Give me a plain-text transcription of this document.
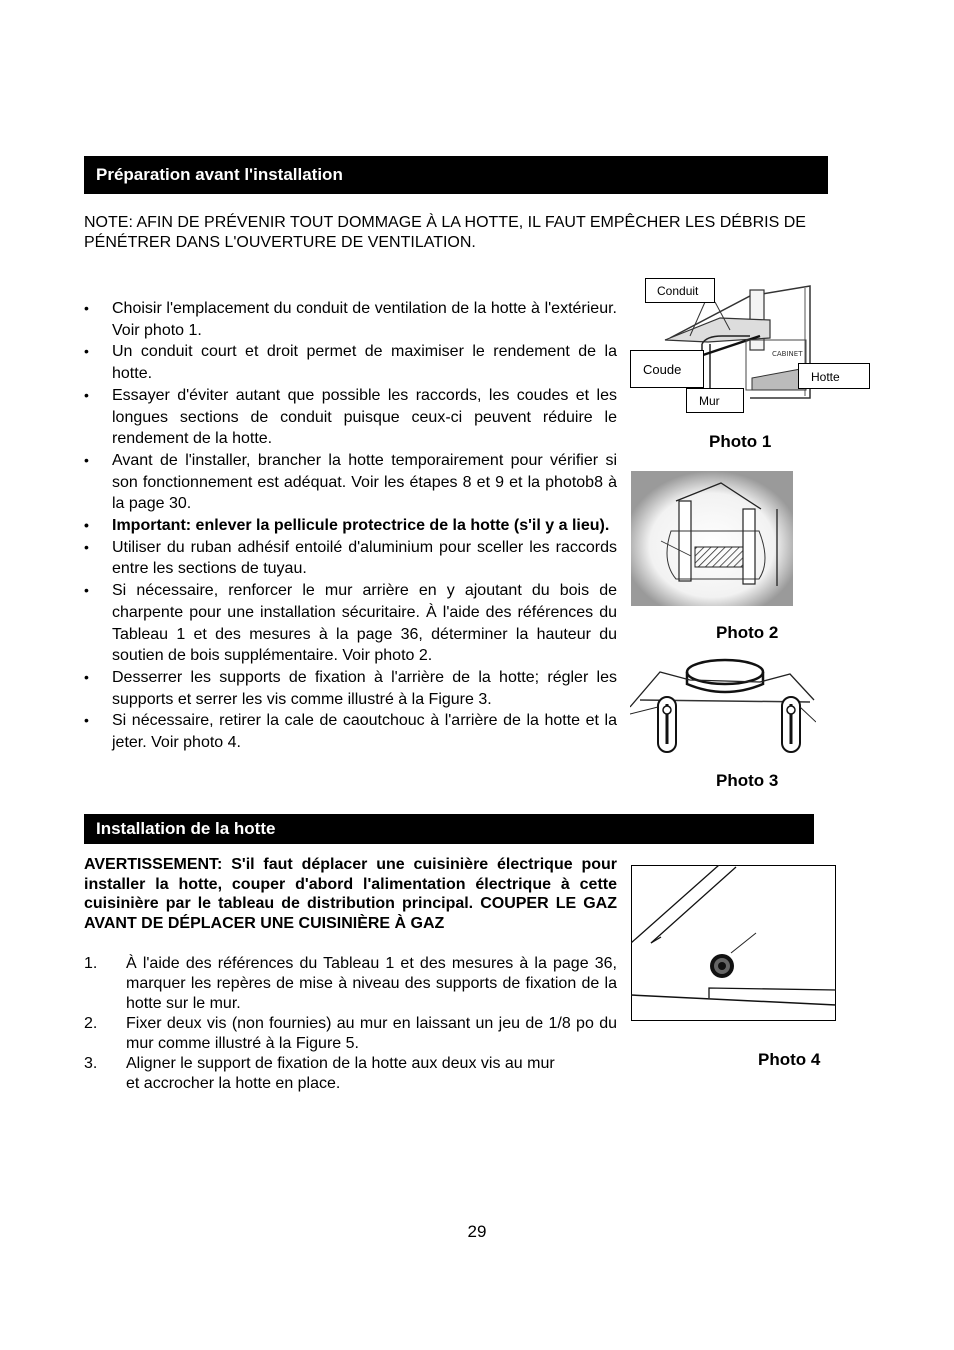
Préparation avant l'installation
NOTE: AFIN DE PRÉVENIR TOUT DOMMAGE À LA HOTTE, IL FAUT EMPÊCHER LES DÉBRIS DE PÉNÉTRER DANS L'OUVERTURE DE VENTILATION.
• Choisir l'emplacement du conduit de ventilation de la hotte à l'extérieur. Voir photo 1.
• Un conduit court et droit permet de maximiser le rendement de la hotte.
• Essayer d'éviter autant que possible les raccords, les coudes et les longues sections de conduit puisque ceux-ci peuvent réduire le rendement de la hotte.
• Avant de l'installer, brancher la hotte temporairement pour vérifier si son fonctionnement est adéquat. Voir les étapes 8 et 9 et la photob8 à la page 30.
• Important: enlever la pellicule protectrice de la hotte (s'il y a lieu).
• Utiliser du ruban adhésif entoilé d'aluminium pour sceller les raccords entre les sections de tuyau.
• Si nécessaire, renforcer le mur arrière en y ajoutant du bois de charpente pour une installation sécuritaire. À l'aide des références du Tableau 1 et des mesures à la page 36, déterminer la hauteur du soutien de bois supplémentaire. Voir photo 2.
• Desserrer les supports de fixation à l'arrière de la hotte; régler les supports et serrer les vis comme illustré à la Figure 3.
• Si nécessaire, retirer la cale de caoutchouc à l'arrière de la hotte et la jeter. Voir photo 4.
CABINET
Conduit
Coude	Hotte
Mur
Photo 1
Photo 2
Photo 3
Installation de la hotte
AVERTISSEMENT: S'il faut déplacer une cuisinière électrique pour installer la hotte, couper d'abord l'alimentation électrique à cette cuisinière par le tableau de distribution principal. COUPER LE GAZ AVANT DE DÉPLACER UNE CUISINIÈRE À GAZ
1. À l'aide des références du Tableau 1 et des mesures à la page 36, marquer les repères de mise à niveau des supports de fixation de la hotte sur le mur.
2. Fixer deux vis (non fournies) au mur en laissant un jeu de 1/8 po du mur comme illustré à la Figure 5.
3. Aligner le support de fixation de la hotte aux deux vis au mur et accrocher la hotte en place.
Photo 4
29
